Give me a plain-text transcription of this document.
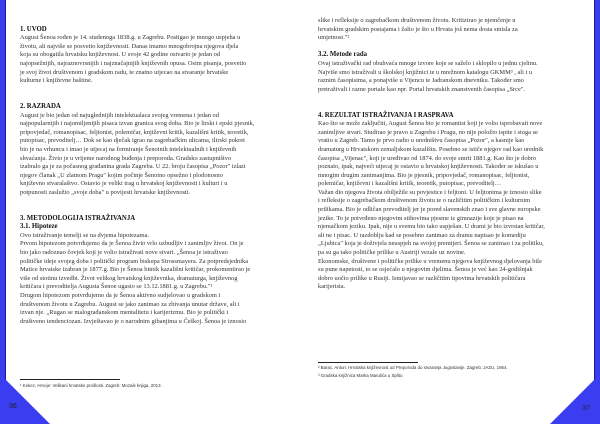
1. UVOD
August Šenoa rođen je 14. studenoga 1838.g. u Zagrebu. Postigao je mnogo uspjeha u
životu, ali najviše se posvetio književnosti. Danas imamo mnogobrojna njegova djela
koja su obogatila hrvatsku književnost. U svoje 42 godine ostvario je jedan od
najopsežnijih, najraznovrsnijih i najznačajnijih književnih opusa. Osim pisanja, posvetio
je svoj život društvenom i gradskom radu, te znatno utjecao na stvaranje hrvatske
kulturne i književne baštine.
2. RAZRADA
August je bio jedan od najuglednijih intelektualaca svojeg vremena i jedan od
najpopularnijih i najomiljenijih pisaca izvan granica svog doba. Bio je lirski i epski pjesnik,
pripovjedač, romanopisac, feljtonist, polemičar, književni kritik, kazališni kritik, teoretik,
putopisac, prevoditelj… Dok se kao dječak igrao na zagrebačkim ulicama, ilirski pokret
bio je na vrhuncu i imao je utjecaj na formiranje Šenoinih intelektualnih i književnih
shvaćanja. Živio je u vrijeme narodnog buđenja i preporoda. Gradsko zastupništvo
izabralo ga je za počasnog građanina grada Zagreba. U 22. broju časopisa „Pozor" izlazi
njegov članak „U zlatnom Pragu" kojim počinje Šenoino opsežno i plodonosno
književno stvaralaštvo. Ostavio je veliki trag u hrvatskoj književnosti i kulturi i u
potpunosti zaslužio „svoje doba" u povijesti hrvatske književnosti.
3. METODOLOGIJA ISTRAŽIVANJA
3.1. Hipoteze
Ovo istraživanje temelji se na dvjema hipotezama.
Prvom hipotezom potvrđujemo da je Šenoa živio vrlo uzbudljiv i zanimljiv život. On je
bio jako radoznao čovjek koji je volio istraživati nove stvari. „Šenoa je istraživao
političke ideje svojeg doba i politički program biskupa Strossmayera. Za potpredsjednika
Matice hrvatske izabran je 1877.g. Bio je Šenoa bitnik kazališni kritičar, prokomentirao je
više od stotinu izvedbi. Život velikog hrvatskog književnika, dramaturga, književnog
kritičara i prevoditelja Augusta Šenoe ugasio se 13.12.1881.g. u Zagrebu."¹
Drugom hipotezom potvrđujemo da je Šenoa aktivno sudjelovao u gradskom i
društvenom životu u Zagrebu. August se jako zanimao za zbivanja unutar države, ali i
izvan nje. „Rugao se malograđanskom mentalitetu i karijerizmu. Bio je politički i
društveno tendenciozan. Izvještavao je o narodnim gibanjima u Češkoj. Šenoa je iznosio
¹ Kekez, Hrvoje: Velikani hrvatske prošlosti. Zagreb: Mozaik knjiga, 2013.
36
slike i refleksije o zagrebačkom društvenom životu. Kritizirao je njemčenje u
hrvatskim gradskim postajama i žalio je što u Hrvata još nema dosta smisla za
umjetnost."²
3.2. Metode rada
Ovaj istraživački rad obuhvaća mnoge izvore koje se saželo i sklopilo u jednu cjelinu.
Najviše smo istraživali u školskoj knjižnici te u mrežnom katalogu GKMM³ , ali i u
raznim časopisima, a ponajviše u Vijencu te Jadranskom dnevniku. Također smo
pretraživali i razne portale kao npr. Portal hrvatskih znanstvenih časopisa „Srce".
4. REZULTAT ISTRAŽIVANJA I RASPRAVA
Kao što se može zaključiti, August Šenoa bio je romantist koji je volio isprobavati nove
zanimljive stvari. Studirao je pravo u Zagrebu i Pragu, no nije položio ispite i stoga se
vratio u Zagreb. Tamo je prvo radio u uredništvu časopisa „Pozor", a kasnije kao
dramaturg u Hrvatskom zemaljskom kazalištu. Posebno se ističe njegov rad kao urednik
časopisa „Vijenac", koji je uređivao od 1874. do svoje smrti 1881.g. Kao što je dobro
poznato, ipak, najveći utjecaj je ostavio u hrvatskoj književnosti. Također se iskušao u
mnogim drugim zanimanjima. Bio je pjesnik, pripovjedač, romanopisac, feljtonist,
polemičar, književni i kazališni kritik, teoretik, putopisac, prevoditelj…
Važan dio njegova života obilježile su povjestice i feljtoni. U feljtonima je iznosio slike
i refleksije o zagrebačkom društvenom životu te o različitim političkim i kulturnim
prilikama. Bio je odličan prevoditelj jer je pored slavenskih znao i sve glavne europske
jezike. To je potvrđeno njegovim stihovima pjesme iz gimnazije koje je pisao na
njemačkom jeziku. Ipak, nije u svemu bio tako uspješan. U drami je bio izvrstan kritičar,
ali ne i pisac. U razdoblju kad se posebno zanimao za dramu napisao je komediju
„Ljubica" koja je doživjela neuspjeh na svojoj premijeri. Šenoa se zanimao i za politiku,
pa su ga tako političke prilike u Austriji vezale uz novine.
Ekonomske, društvene i političke prilike u vremenu njegova književnog djelovanja bile
su pune napetosti, to se osjećalo u njegovim djelima. Šenoa je već kao 24-godišnjak
dobro uočio prilike u Rusiji. Ismijavao se različitim tipovima hrvatskih političara
karijerista.
² Barac, Antun: Hrvatska književnost od Preporoda do stvaranja Jugoslavije. Zagreb: JAZU, 1954.
³ Gradska knjižnica Marka Marulića u Splitu
37
